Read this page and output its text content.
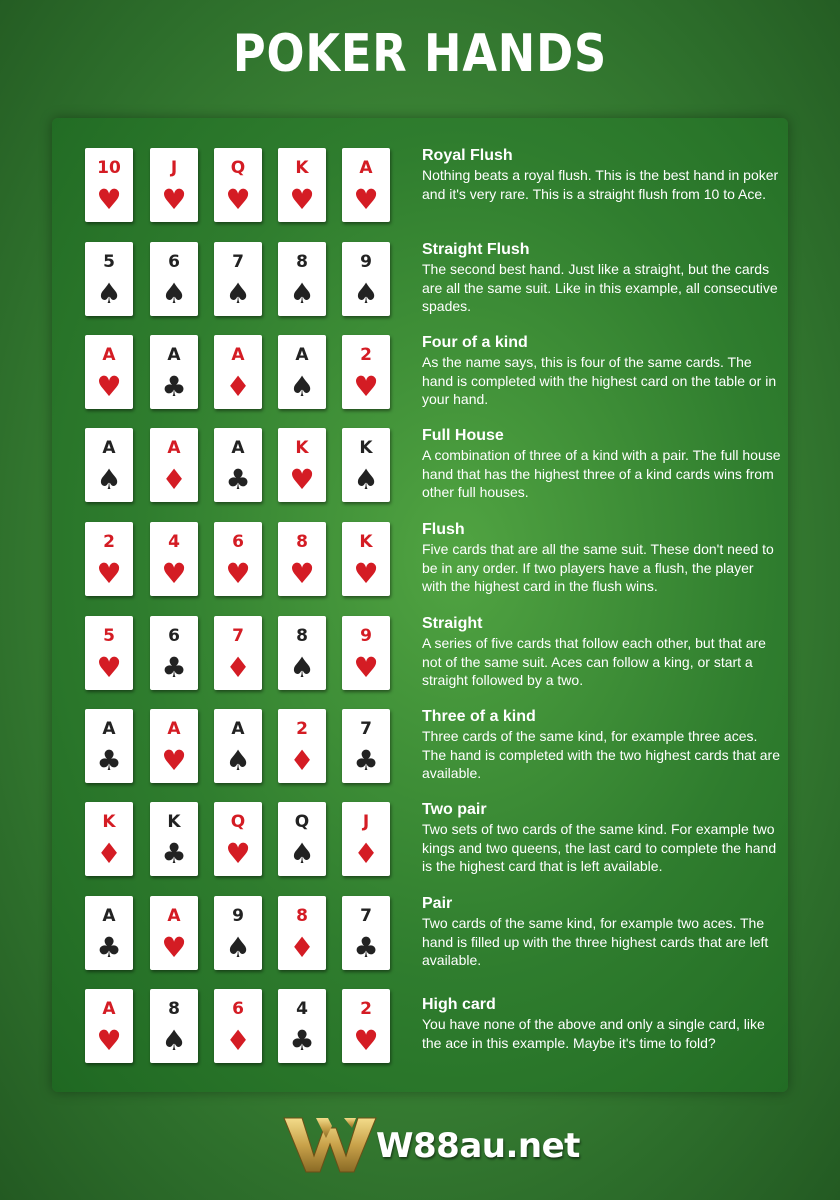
POKER HANDS
10
♥
J
♥
Q
♥
K
♥
A
♥
Royal Flush
Nothing beats a royal flush. This is the best hand in poker and it's very rare. This is a straight flush from 10 to Ace.
5
♠
6
♠
7
♠
8
♠
9
♠
Straight Flush
The second best hand. Just like a straight, but the cards are all the same suit. Like in this example, all consecutive spades.
A
♥
A
♣
A
♦
A
♠
2
♥
Four of a kind
As the name says, this is four of the same cards. The hand is completed with the highest card on the table or in your hand.
A
♠
A
♦
A
♣
K
♥
K
♠
Full House
A combination of three of a kind with a pair. The full house hand that has the highest three of a kind cards wins from other full houses.
2
♥
4
♥
6
♥
8
♥
K
♥
Flush
Five cards that are all the same suit. These don't need to be in any order. If two players have a flush, the player with the highest card in the flush wins.
5
♥
6
♣
7
♦
8
♠
9
♥
Straight
A series of five cards that follow each other, but that are not of the same suit. Aces can follow a king, or start a straight followed by a two.
A
♣
A
♥
A
♠
2
♦
7
♣
Three of a kind
Three cards of the same kind, for example three aces. The hand is completed with the two highest cards that are available.
K
♦
K
♣
Q
♥
Q
♠
J
♦
Two pair
Two sets of two cards of the same kind. For example two kings and two queens, the last card to complete the hand is the highest card that is left available.
A
♣
A
♥
9
♠
8
♦
7
♣
Pair
Two cards of the same kind, for example two aces. The hand is filled up with the three highest cards that are left available.
A
♥
8
♠
6
♦
4
♣
2
♥
High card
You have none of the above and only a single card, like the ace in this example. Maybe it's time to fold?
W88au.net
